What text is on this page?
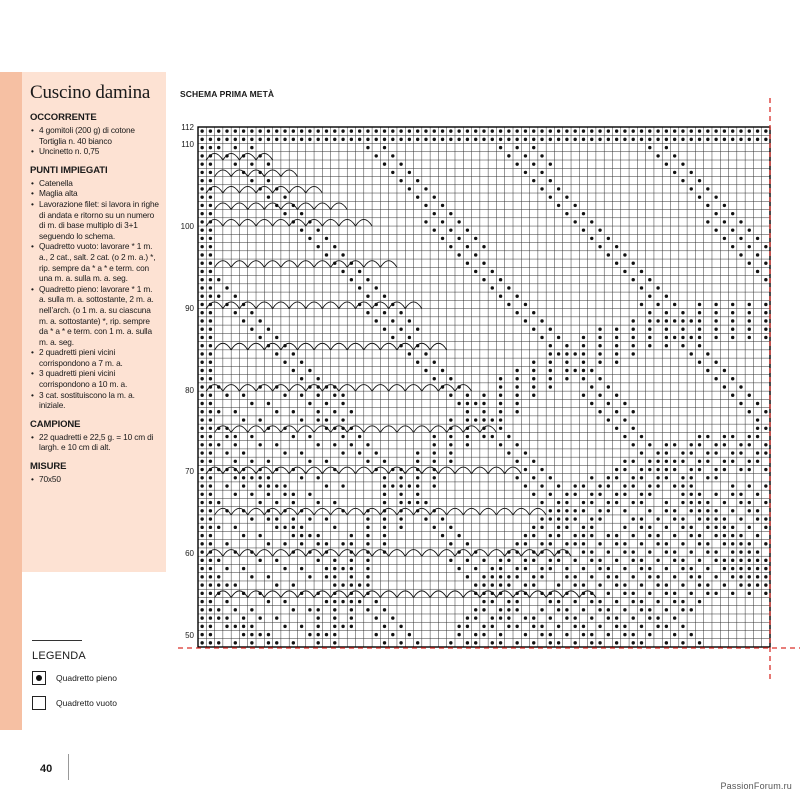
Cuscino damina
OCCORRENTE
• 4 gomitoli (200 g) di cotone Tortiglia n. 40 bianco
• Uncinetto n. 0,75
PUNTI IMPIEGATI
• Catenella
• Maglia alta
• Lavorazione filet: si lavora in righe di andata e ritorno su un numero di m. di base multiplo di 3+1 seguendo lo schema.
• Quadretto vuoto: lavorare * 1 m. a., 2 cat., salt. 2 cat. (o 2 m. a.) *, rip. sempre da * a * e term. con una m. a. sulla m. a. seg.
• Quadretto pieno: lavorare * 1 m. a. sulla m. a. sottostante, 2 m. a. nell’arch. (o 1 m. a. su ciascuna m. a. sottostante) *, rip. sempre da * a * e term. con 1 m. a. sulla m. a. seg.
• 2 quadretti pieni vicini corrispondono a 7 m. a.
• 3 quadretti pieni vicini corrispondono a 10 m. a.
• 3 cat. sostituiscono la m. a. iniziale.
CAMPIONE
• 22 quadretti e 22,5 g. = 10 cm di largh. e 10 cm di alt.
MISURE
• 70x50
LEGENDA
Quadretto pieno
Quadretto vuoto
SCHEMA PRIMA METÀ
112
110
100
90
80
70
60
50
40
PassionForum.ru
